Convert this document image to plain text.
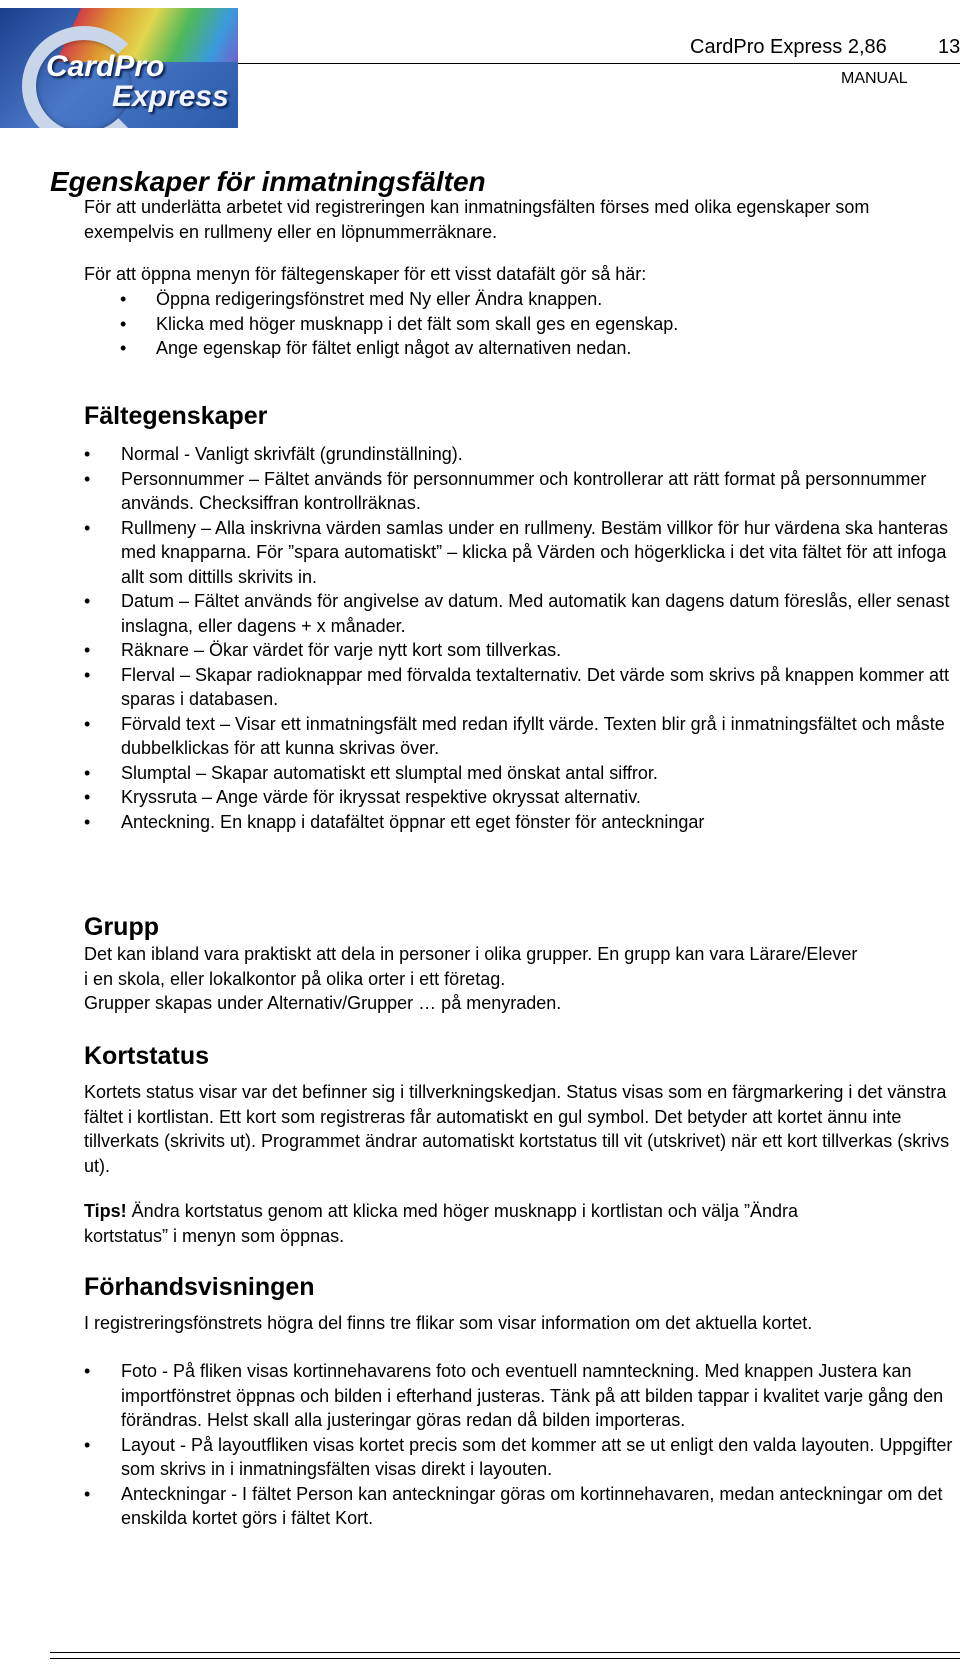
CardPro
Express
CardPro Express 2,86	13
MANUAL
Egenskaper för inmatningsfälten

För att underlätta arbetet vid registreringen kan inmatningsfälten förses med olika egenskaper som exempelvis en rullmeny eller en löpnummerräknare.

För att öppna menyn för fältegenskaper för ett visst datafält gör så här:

• Öppna redigeringsfönstret med Ny eller Ändra knappen.
• Klicka med höger musknapp i det fält som skall ges en egenskap.
• Ange egenskap för fältet enligt något av alternativen nedan.
Fältegenskaper
• Normal - Vanligt skrivfält (grundinställning).
• Personnummer – Fältet används för personnummer och kontrollerar att rätt format på personnummer används. Checksiffran kontrollräknas.
• Rullmeny – Alla inskrivna värden samlas under en rullmeny. Bestäm villkor för hur värdena ska hanteras med knapparna. För ”spara automatiskt” – klicka på Värden och högerklicka i det vita fältet för att infoga allt som dittills skrivits in.
• Datum – Fältet används för angivelse av datum. Med automatik kan dagens datum föreslås, eller senast inslagna, eller dagens + x månader.
• Räknare – Ökar värdet för varje nytt kort som tillverkas.
• Flerval – Skapar radioknappar med förvalda textalternativ. Det värde som skrivs på knappen kommer att sparas i databasen.
• Förvald text – Visar ett inmatningsfält med redan ifyllt värde. Texten blir grå i inmatningsfältet och måste dubbelklickas för att kunna skrivas över.
• Slumptal – Skapar automatiskt ett slumptal med önskat antal siffror.
• Kryssruta – Ange värde för ikryssat respektive okryssat alternativ.
• Anteckning. En knapp i datafältet öppnar ett eget fönster för anteckningar
Grupp

Det kan ibland vara praktiskt att dela in personer i olika grupper. En grupp kan vara Lärare/Elever i en skola, eller lokalkontor på olika orter i ett företag.

Grupper skapas under Alternativ/Grupper … på menyraden.

Kortstatus

Kortets status visar var det befinner sig i tillverkningskedjan. Status visas som en färgmarkering i det vänstra fältet i kortlistan. Ett kort som registreras får automatiskt en gul symbol. Det betyder att kortet ännu inte tillverkats (skrivits ut). Programmet ändrar automatiskt kortstatus till vit (utskrivet) när ett kort tillverkas (skrivs ut).

Tips! Ändra kortstatus genom att klicka med höger musknapp i kortlistan och välja ”Ändra kortstatus” i menyn som öppnas.

Förhandsvisningen

I registreringsfönstrets högra del finns tre flikar som visar information om det aktuella kortet.

• Foto - På fliken visas kortinnehavarens foto och eventuell namnteckning. Med knappen Justera kan importfönstret öppnas och bilden i efterhand justeras. Tänk på att bilden tappar i kvalitet varje gång den förändras. Helst skall alla justeringar göras redan då bilden importeras.
• Layout - På layoutfliken visas kortet precis som det kommer att se ut enligt den valda layouten. Uppgifter som skrivs in i inmatningsfälten visas direkt i layouten.
• Anteckningar - I fältet Person kan anteckningar göras om kortinnehavaren, medan anteckningar om det enskilda kortet görs i fältet Kort.
